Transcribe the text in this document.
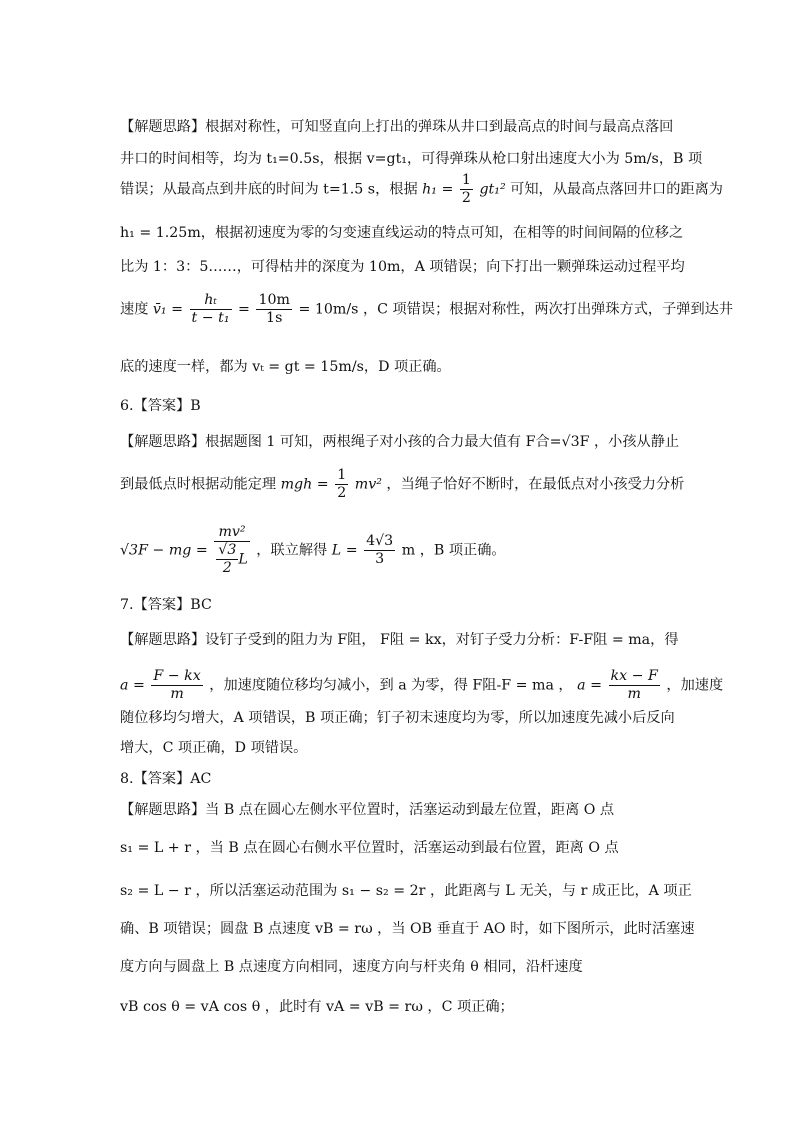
【解题思路】根据对称性，可知竖直向上打出的弹珠从井口到最高点的时间与最高点落回
井口的时间相等，均为 t₁=0.5s，根据 v=gt₁，可得弹珠从枪口射出速度大小为 5m/s，B 项
错误；从最高点到井底的时间为 t=1.5 s，根据 $h_1 = \frac{1}{2} gt_1^2$ 可知，从最高点落回井口的距离为
h₁ = 1.25m，根据初速度为零的匀变速直线运动的特点可知，在相等的时间间隔的位移之
比为 1：3：5……，可得枯井的深度为 10m，A 项错误；向下打出一颗弹珠运动过程平均
速度 v̄₁ = $\frac{\text{hₜ}}{\text{t − t₁}} = \frac{10m}{1s} = 10m/s$ ，C 项错误；根据对称性，两次打出弹珠方式，子弹到达井
底的速度一样，都为 vₜ = gt = 15m/s，D 项正确。
6.【答案】B
【解题思路】根据题图 1 可知，两根绳子对小孩的合力最大值有 F合=√3F ，小孩从静止
到最低点时根据动能定理 mgh = $\frac{1}{2} mv^2$ ，当绳子恰好不断时，在最低点对小孩受力分析
√3F − mg = $\frac{\text{mv²}}{\frac{√3}{2} L}$ ，联立解得 $L = \frac{4√3}{3}$ m ，B 项正确。
7.【答案】BC
【解题思路】设钉子受到的阻力为 F阻， F阻 = kx，对钉子受力分析：F-F阻 = ma，得
$a = \frac{F - kx}{m}$ ，加速度随位移均匀减小，到 a 为零，得 F阻-F = ma ， $a = \frac{kx - F}{m}$ ，加速度
随位移均匀增大，A 项错误，B 项正确；钉子初末速度均为零，所以加速度先减小后反向
增大，C 项正确，D 项错误。
8.【答案】AC
【解题思路】当 B 点在圆心左侧水平位置时，活塞运动到最左位置，距离 O 点
s₁ = L + r ，当 B 点在圆心右侧水平位置时，活塞运动到最右位置，距离 O 点
s₂ = L − r ，所以活塞运动范围为 s₁ − s₂ = 2r ，此距离与 L 无关，与 r 成正比，A 项正
确、B 项错误；圆盘 B 点速度 vB = rω ，当 OB 垂直于 AO 时，如下图所示，此时活塞速
度方向与圆盘上 B 点速度方向相同，速度方向与杆夹角 θ 相同，沿杆速度
vB cos θ = vA cos θ ，此时有 vA = vB = rω ，C 项正确；
